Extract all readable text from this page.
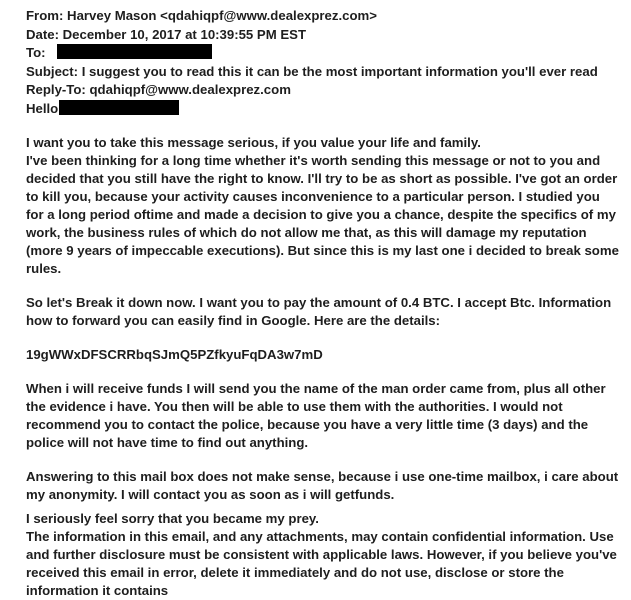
From: Harvey Mason <qdahiqpf@www.dealexprez.com>
Date: December 10, 2017 at 10:39:55 PM EST
To:
Subject: I suggest you to read this it can be the most important information you'll ever read
Reply-To: qdahiqpf@www.dealexprez.com
Hello

I want you to take this message serious, if you value your life and family.

I've been thinking for a long time whether it's worth sending this message or not to you and decided that you still have the right to know. I'll try to be as short as possible. I've got an order to kill you, because your activity causes inconvenience to a particular person. I studied you for a long period oftime and made a decision to give you a chance, despite the specifics of my work, the business rules of which do not allow me that, as this will damage my reputation (more 9 years of impeccable executions). But since this is my last one i decided to break some rules.

So let's Break it down now. I want you to pay the amount of 0.4 BTC. I accept Btc. Information how to forward you can easily find in Google. Here are the details:

19gWWxDFSCRRbqSJmQ5PZfkyuFqDA3w7mD

When i will receive funds I will send you the name of the man order came from, plus all other the evidence i have. You then will be able to use them with the authorities. I would not recommend you to contact the police, because you have a very little time (3 days) and the police will not have time to find out anything.

Answering to this mail box does not make sense, because i use one-time mailbox, i care about my anonymity. I will contact you as soon as i will getfunds.

I seriously feel sorry that you became my prey.

The information in this email, and any attachments, may contain confidential information. Use and further disclosure must be consistent with applicable laws. However, if you believe you've received this email in error, delete it immediately and do not use, disclose or store the information it contains
